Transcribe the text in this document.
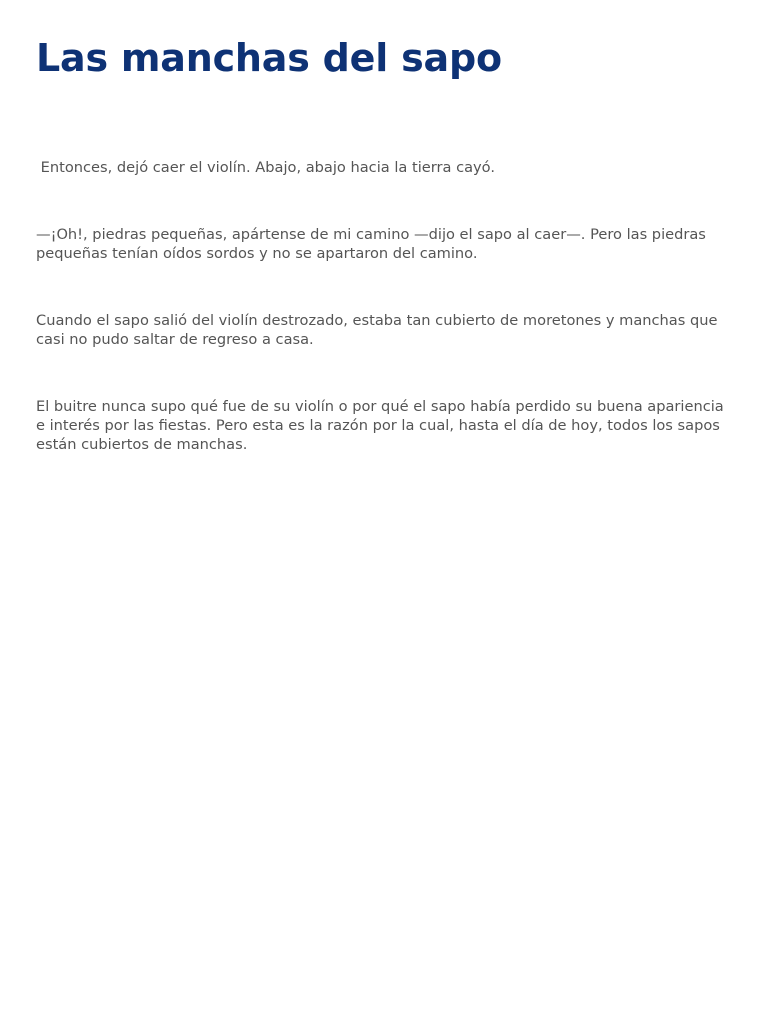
Las manchas del sapo

Entonces, dejó caer el violín. Abajo, abajo hacia la tierra cayó.

—¡Oh!, piedras pequeñas, apártense de mi camino —dijo el sapo al caer—. Pero las piedras pequeñas tenían oídos sordos y no se apartaron del camino.

Cuando el sapo salió del violín destrozado, estaba tan cubierto de moretones y manchas que casi no pudo saltar de regreso a casa.

El buitre nunca supo qué fue de su violín o por qué el sapo había perdido su buena apariencia e interés por las fiestas. Pero esta es la razón por la cual, hasta el día de hoy, todos los sapos están cubiertos de manchas.
